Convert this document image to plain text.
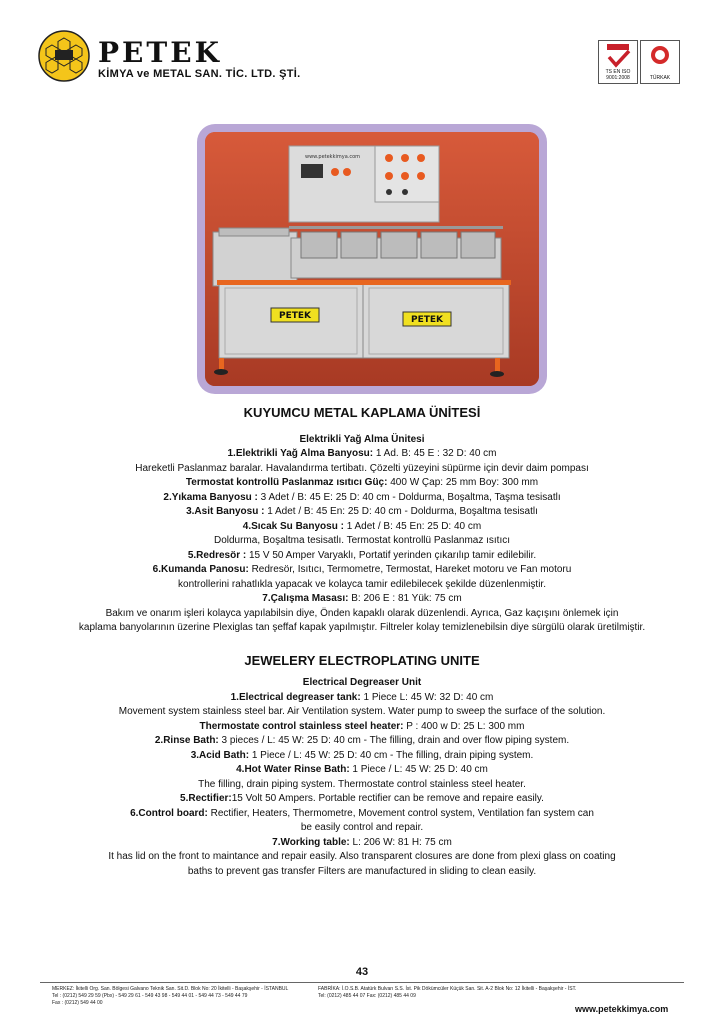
PETEK
KİMYA ve METAL SAN. TİC. LTD. ŞTİ.	TS EN ISO 9001:2008	TÜRKAK
www.petekkimya.com
PETEK	PETEK

KUYUMCU METAL KAPLAMA ÜNİTESİ

Elektrikli Yağ Alma Ünitesi

1.Elektrikli Yağ Alma Banyosu: 1 Ad. B: 45 E : 32 D: 40 cm

Hareketli Paslanmaz baralar. Havalandırma tertibatı. Çözelti yüzeyini süpürme için devir daim pompası

Termostat kontrollü Paslanmaz ısıtıcı Güç: 400 W Çap: 25 mm Boy: 300 mm

2.Yıkama Banyosu : 3 Adet / B: 45 E: 25 D: 40 cm - Doldurma, Boşaltma, Taşma tesisatlı

3.Asit Banyosu : 1 Adet / B: 45 En: 25 D: 40 cm - Doldurma, Boşaltma tesisatlı

4.Sıcak Su Banyosu : 1 Adet / B: 45 En: 25 D: 40 cm

Doldurma, Boşaltma tesisatlı. Termostat kontrollü Paslanmaz ısıtıcı

5.Redresör : 15 V 50 Amper Varyaklı, Portatif yerinden çıkarılıp tamir edilebilir.

6.Kumanda Panosu: Redresör, Isıtıcı, Termometre, Termostat, Hareket motoru ve Fan motoru

kontrollerini rahatlıkla yapacak ve kolayca tamir edilebilecek şekilde düzenlenmiştir.

7.Çalışma Masası: B: 206 E : 81 Yük: 75 cm

Bakım ve onarım işleri kolayca yapılabilsin diye, Önden kapaklı olarak düzenlendi. Ayrıca, Gaz kaçışını önlemek için

kaplama banyolarının üzerine Plexiglas tan şeffaf kapak yapılmıştır. Filtreler kolay temizlenebilsin diye sürgülü olarak üretilmiştir.

JEWELERY ELECTROPLATING UNITE

Electrical Degreaser Unit

1.Electrical degreaser tank: 1 Piece L: 45 W: 32 D: 40 cm

Movement system stainless steel bar. Air Ventilation system. Water pump to sweep the surface of the solution.

Thermostate control stainless steel heater: P : 400 w D: 25 L: 300 mm

2.Rinse Bath: 3 pieces / L: 45 W: 25 D: 40 cm - The filling, drain and over flow piping system.

3.Acid Bath: 1 Piece / L: 45 W: 25 D: 40 cm - The filling, drain piping system.

4.Hot Water Rinse Bath: 1 Piece / L: 45 W: 25 D: 40 cm

The filling, drain piping system. Thermostate control stainless steel heater.

5.Rectifier:15 Volt 50 Ampers. Portable rectifier can be remove and repaire easily.

6.Control board: Rectifier, Heaters, Thermometre, Movement control system, Ventilation fan system can

be easily control and repair.

7.Working table: L: 206 W: 81 H: 75 cm

It has lid on the front to maintance and repair easily. Also transparent closures are done from plexi glass on coating

baths to prevent gas transfer Filters are manufactured in sliding to clean easily.

43
MERKEZ: İkitelli Org. San. Bölgesi Galvano Teknik San. Sit.D. Blok No: 20 İkitelli - Başakşehir - İSTANBUL
Tel : (0212) 549 29 59 (Pbx) - 549 29 61 - 549 43 98 - 549 44 01 - 549 44 73 - 549 44 79
Fax : (0212) 549 44 00
FABRİKA: İ.O.S.B. Atatürk Bulvarı S.S. İst. Pik Dökümcüler Küçük San. Sit. A-2 Blok No: 12 İkitelli - Başakşehir - İST.
Tel: (0212) 485 44 07 Fax: (0212) 485 44 09
www.petekkimya.com
